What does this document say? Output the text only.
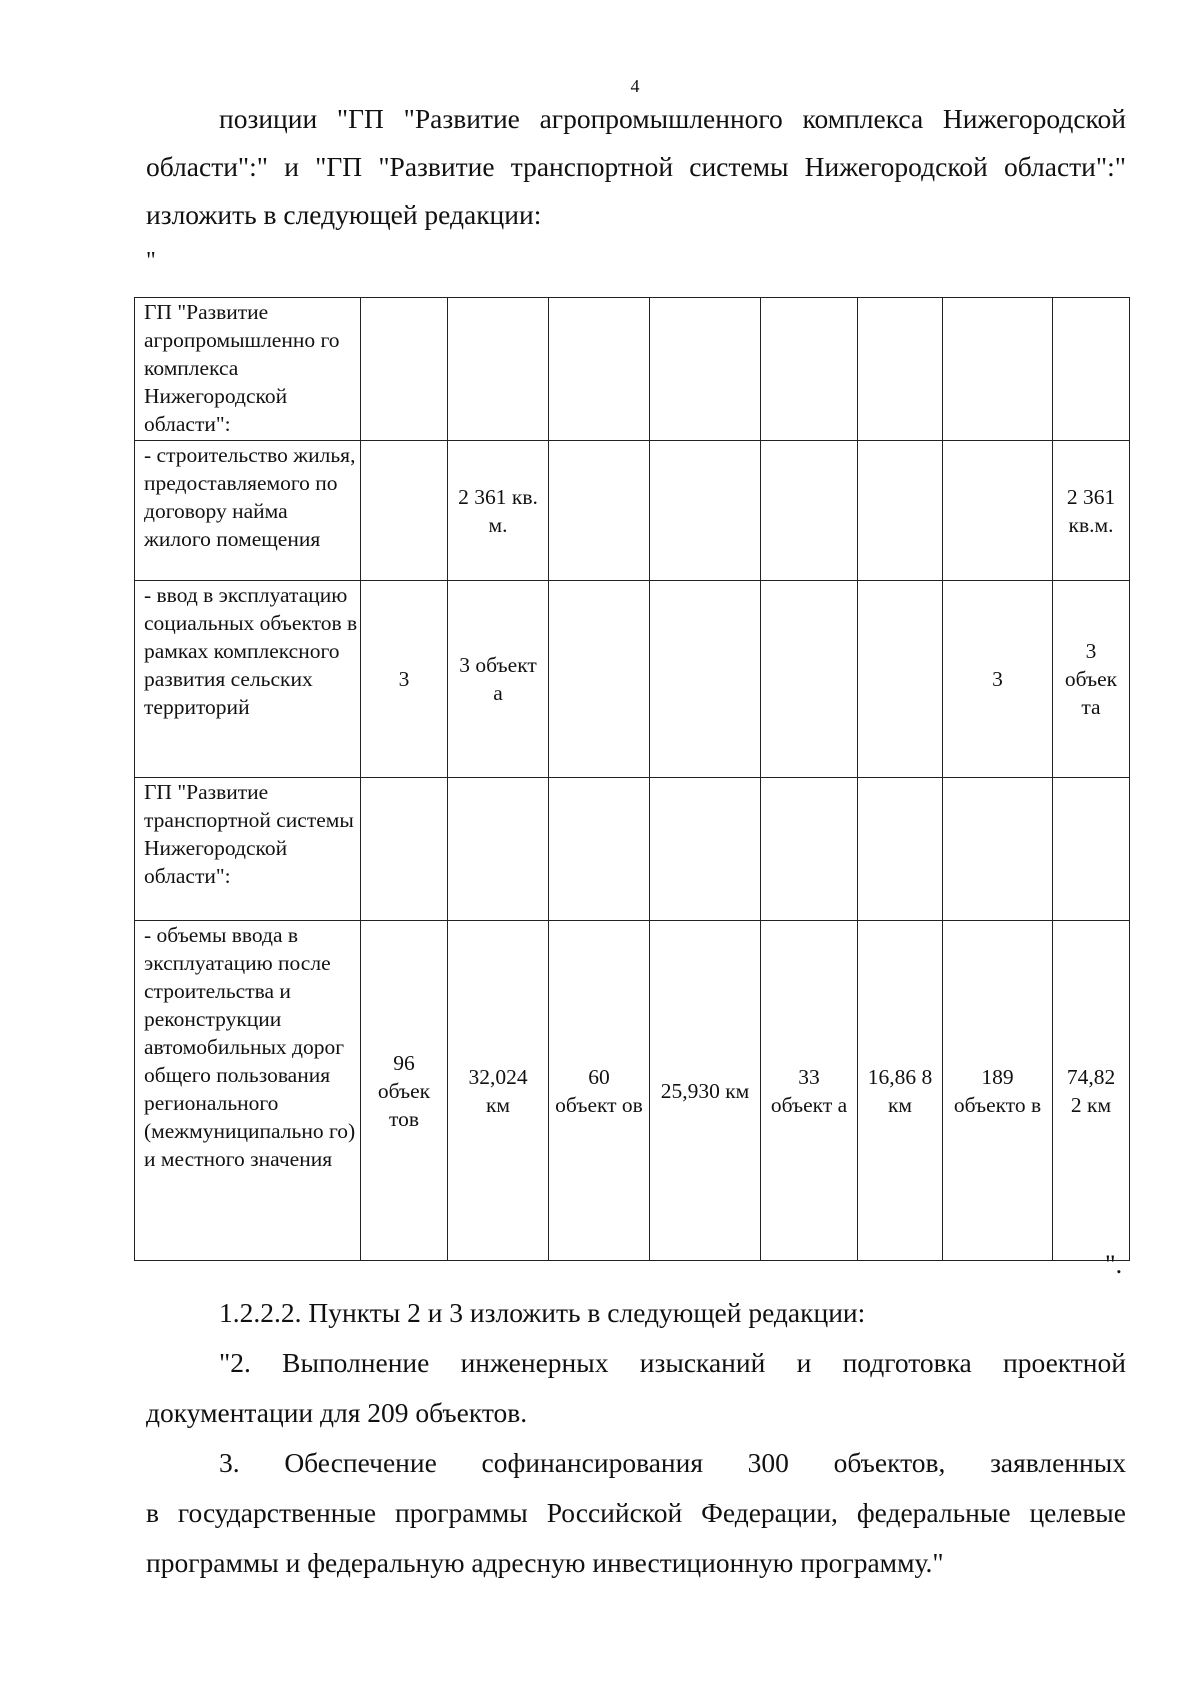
4

позиции "ГП "Развитие агропромышленного комплекса Нижегородской

области":" и "ГП "Развитие транспортной системы Нижегородской области":"

изложить в следующей редакции:

"
ГП "Развитие агропромышленно го комплекса Нижегородской области":								
- строительство жилья, предоставляемого по договору найма жилого помещения		2 361 кв. м.						2 361 кв.м.
- ввод в эксплуатацию социальных объектов в рамках комплексного развития сельских территорий	3	3 объект а					3	3 объек та
ГП "Развитие транспортной системы Нижегородской области":								
- объемы ввода в эксплуатацию после строительства и реконструкции автомобильных дорог общего пользования регионального (межмуниципально го) и местного значения	96 объек тов	32,024 км	60 объект ов	25,930 км	33 объект а	16,86 8 км	189 объекто в	74,82 2 км
".

1.2.2.2. Пункты 2 и 3 изложить в следующей редакции:

"2. Выполнение инженерных изысканий и подготовка проектной

документации для 209 объектов.

3. Обеспечение софинансирования 300 объектов, заявленных

в государственные программы Российской Федерации, федеральные целевые

программы и федеральную адресную инвестиционную программу."
